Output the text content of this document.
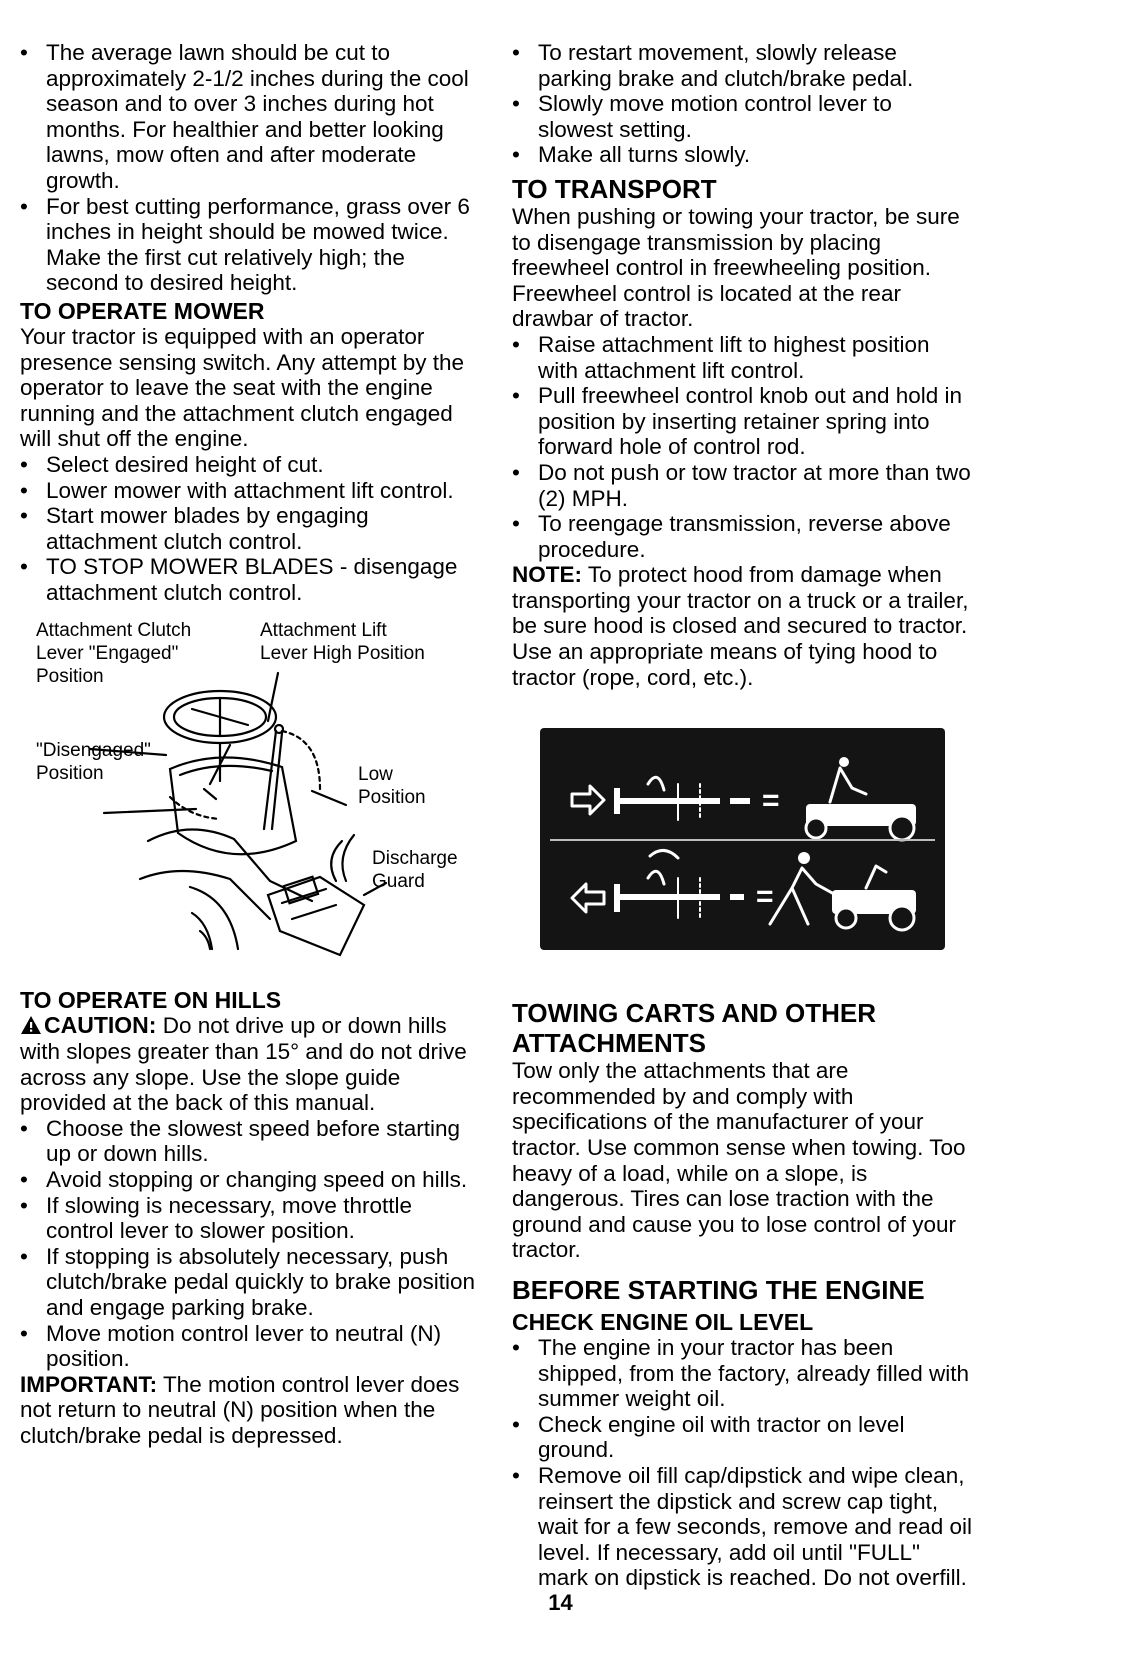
• The average lawn should be cut to approximately 2-1/2 inches during the cool season and to over 3 inches during hot months. For healthier and better looking lawns, mow often and after moderate growth.
• For best cutting performance, grass over 6 inches in height should be mowed twice. Make the first cut relatively high; the second to desired height.
TO OPERATE MOWER

Your tractor is equipped with an operator presence sensing switch. Any attempt by the operator to leave the seat with the engine running and the attachment clutch engaged will shut off the engine.

• Select desired height of cut.
• Lower mower with attachment lift control.
• Start mower blades by engaging attachment clutch control.
• TO STOP MOWER BLADES - disengage attachment clutch control.
Attachment Clutch
Lever "Engaged"
Position
Attachment Lift
Lever High Position
"Disengaged"
Position	Low
Position
Discharge
Guard
TO OPERATE ON HILLS

CAUTION: Do not drive up or down hills with slopes greater than 15° and do not drive across any slope. Use the slope guide provided at the back of this manual.

• Choose the slowest speed before starting up or down hills.
• Avoid stopping or changing speed on hills.
• If slowing is necessary, move throttle control lever to slower position.
• If stopping is absolutely necessary, push clutch/brake pedal quickly to brake position and engage parking brake.
• Move motion control lever to neutral (N) position.

IMPORTANT: The motion control lever does not return to neutral (N) position when the clutch/brake pedal is depressed.

• To restart movement, slowly release parking brake and clutch/brake pedal.
• Slowly move motion control lever to slowest setting.
• Make all turns slowly.
TO TRANSPORT

When pushing or towing your tractor, be sure to disengage transmission by placing freewheel control in freewheeling position. Freewheel control is located at the rear drawbar of tractor.

• Raise attachment lift to highest position with attachment lift control.
• Pull freewheel control knob out and hold in position by inserting retainer spring into forward hole of control rod.
• Do not push or tow tractor at more than two (2) MPH.
• To reengage transmission, reverse above procedure.

NOTE: To protect hood from damage when transporting your tractor on a truck or a trailer, be sure hood is closed and secured to tractor. Use an appropriate means of tying hood to tractor (rope, cord, etc.).

=
=
TOWING CARTS AND OTHER ATTACHMENTS

Tow only the attachments that are recommended by and comply with specifications of the manufacturer of your tractor. Use common sense when towing. Too heavy of a load, while on a slope, is dangerous. Tires can lose traction with the ground and cause you to lose control of your tractor.

BEFORE STARTING THE ENGINE
CHECK ENGINE OIL LEVEL
• The engine in your tractor has been shipped, from the factory, already filled with summer weight oil.
• Check engine oil with tractor on level ground.
• Remove oil fill cap/dipstick and wipe clean, reinsert the dipstick and screw cap tight, wait for a few seconds, remove and read oil level. If necessary, add oil until "FULL" mark on dipstick is reached. Do not overfill.
14
